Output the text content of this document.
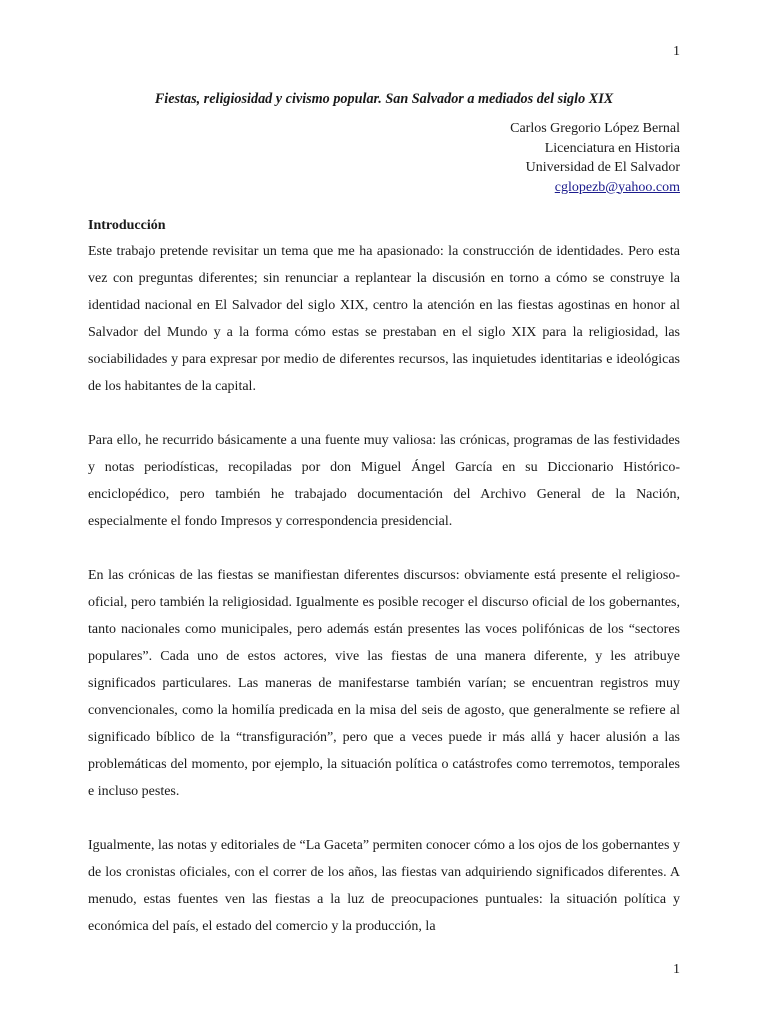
1
Fiestas, religiosidad y civismo popular. San Salvador a mediados del siglo XIX
Carlos Gregorio López Bernal
Licenciatura en Historia
Universidad de El Salvador
cglopezb@yahoo.com
Introducción

Este trabajo pretende revisitar un tema que me ha apasionado: la construcción de identidades. Pero esta vez con preguntas diferentes; sin renunciar a replantear la discusión en torno a cómo se construye la identidad nacional en El Salvador del siglo XIX, centro la atención en las fiestas agostinas en honor al Salvador del Mundo y a la forma cómo estas se prestaban en el siglo XIX para la religiosidad, las sociabilidades y para expresar por medio de diferentes recursos, las inquietudes identitarias e ideológicas de los habitantes de la capital.

Para ello, he recurrido básicamente a una fuente muy valiosa: las crónicas, programas de las festividades y notas periodísticas, recopiladas por don Miguel Ángel García en su Diccionario Histórico-enciclopédico, pero también he trabajado documentación del Archivo General de la Nación, especialmente el fondo Impresos y correspondencia presidencial.

En las crónicas de las fiestas se manifiestan diferentes discursos: obviamente está presente el religioso-oficial, pero también la religiosidad. Igualmente es posible recoger el discurso oficial de los gobernantes, tanto nacionales como municipales, pero además están presentes las voces polifónicas de los “sectores populares”. Cada uno de estos actores, vive las fiestas de una manera diferente, y les atribuye significados particulares. Las maneras de manifestarse también varían; se encuentran registros muy convencionales, como la homilía predicada en la misa del seis de agosto, que generalmente se refiere al significado bíblico de la “transfiguración”, pero que a veces puede ir más allá y hacer alusión a las problemáticas del momento, por ejemplo, la situación política o catástrofes como terremotos, temporales e incluso pestes.

Igualmente, las notas y editoriales de “La Gaceta” permiten conocer cómo a los ojos de los gobernantes y de los cronistas oficiales, con el correr de los años, las fiestas van adquiriendo significados diferentes. A menudo, estas fuentes ven las fiestas a la luz de preocupaciones puntuales: la situación política y económica del país, el estado del comercio y la producción, la

1
